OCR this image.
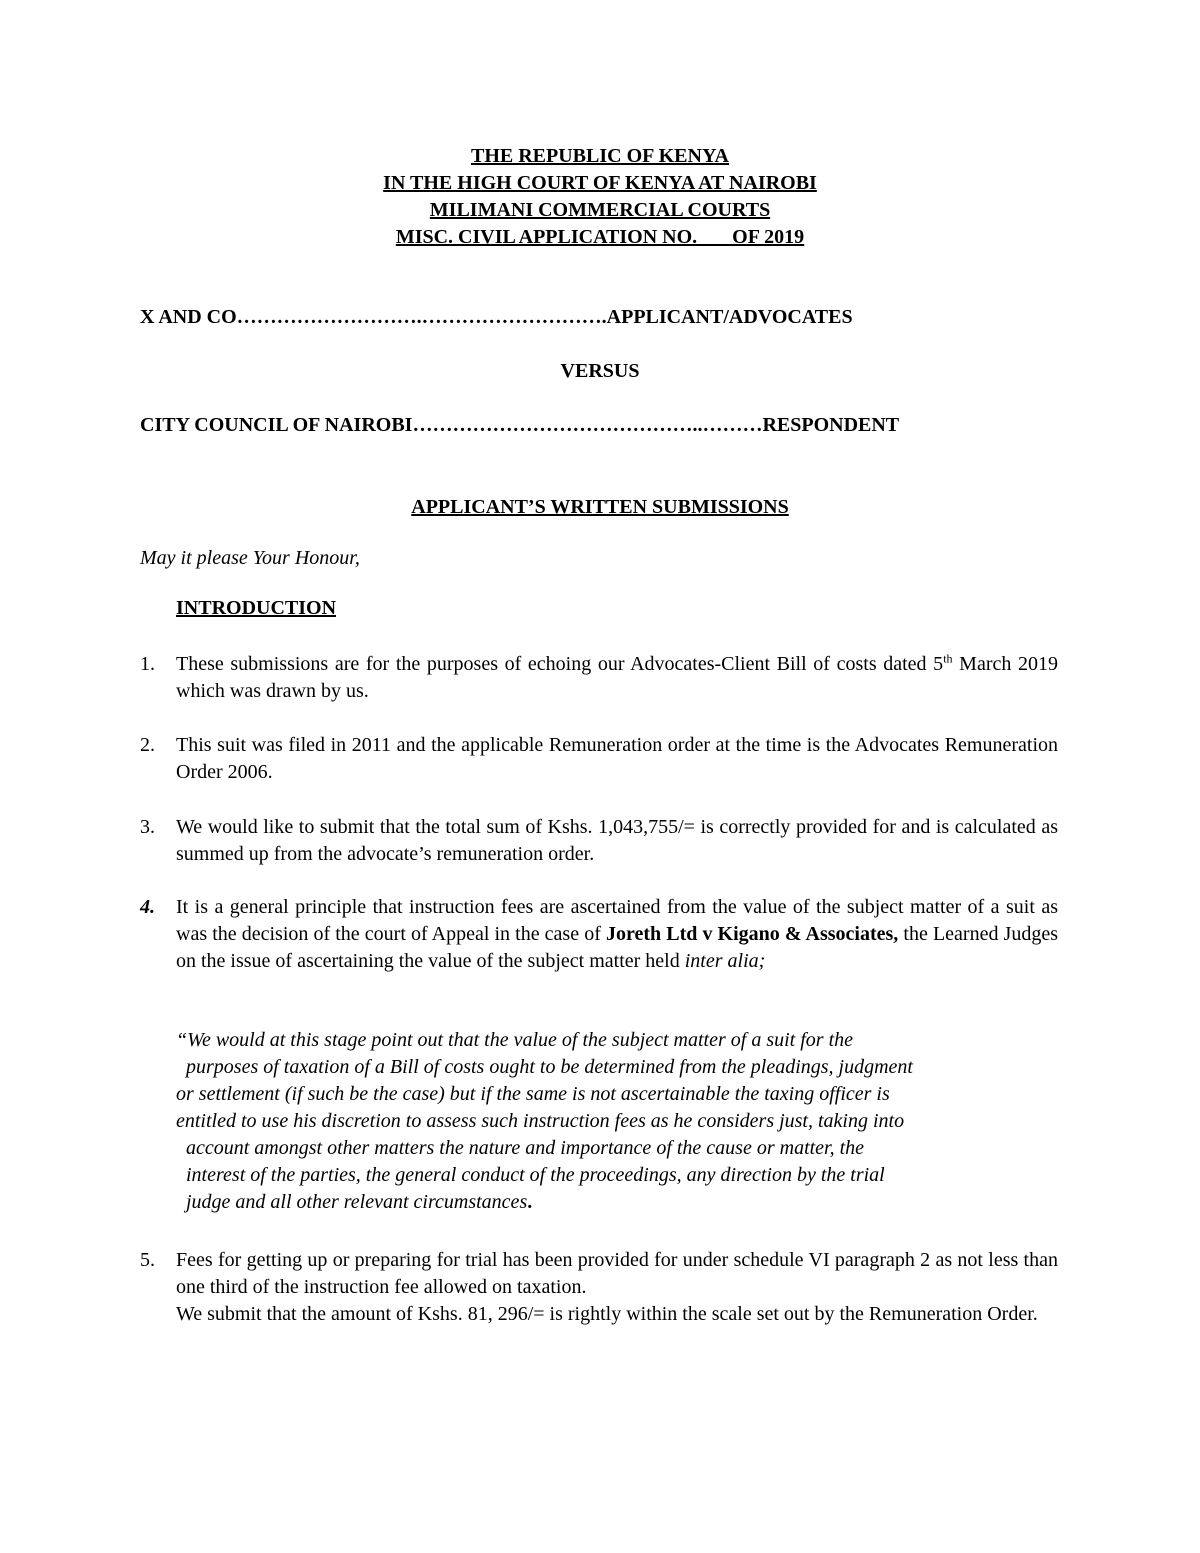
THE REPUBLIC OF KENYA
IN THE HIGH COURT OF KENYA AT NAIROBI
MILIMANI COMMERCIAL COURTS
MISC. CIVIL APPLICATION NO. ___OF 2019
X AND CO……………………….……………………….APPLICANT/ADVOCATES
VERSUS
CITY COUNCIL OF NAIROBI……………………………………..………RESPONDENT
APPLICANT’S WRITTEN SUBMISSIONS
May it please Your Honour,
INTRODUCTION
1.	These submissions are for the purposes of echoing our Advocates-Client Bill of costs dated 5th March 2019 which was drawn by us.
2.	This suit was filed in 2011 and the applicable Remuneration order at the time is the Advocates Remuneration Order 2006.
3.	We would like to submit that the total sum of Kshs. 1,043,755/= is correctly provided for and is calculated as summed up from the advocate’s remuneration order.
4.	It is a general principle that instruction fees are ascertained from the value of the subject matter of a suit as was the decision of the court of Appeal in the case of Joreth Ltd v Kigano & Associates, the Learned Judges on the issue of ascertaining the value of the subject matter held inter alia;
“We would at this stage point out that the value of the subject matter of a suit for the
purposes of taxation of a Bill of costs ought to be determined from the pleadings, judgment
or settlement (if such be the case) but if the same is not ascertainable the taxing officer is
entitled to use his discretion to assess such instruction fees as he considers just, taking into
account amongst other matters the nature and importance of the cause or matter, the
interest of the parties, the general conduct of the proceedings, any direction by the trial
judge and all other relevant circumstances.
5.	Fees for getting up or preparing for trial has been provided for under schedule VI paragraph 2 as not less than one third of the instruction fee allowed on taxation.
We submit that the amount of Kshs. 81, 296/= is rightly within the scale set out by the Remuneration Order.
